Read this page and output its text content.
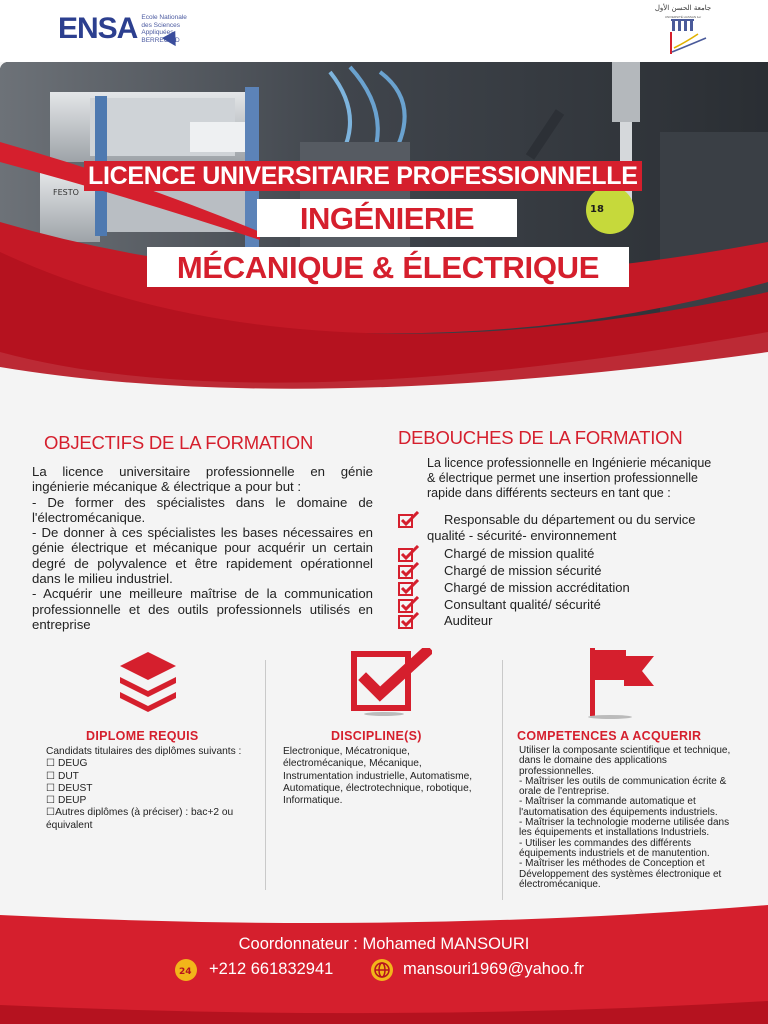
ENSA Ecole Nationale des Sciences Appliquées BERRECHID
جامعة الحسن الأول
UNIVERSITÉ HASSAN 1er
FESTO
18
LICENCE UNIVERSITAIRE PROFESSIONNELLE
INGÉNIERIE
MÉCANIQUE & ÉLECTRIQUE
OBJECTIFS DE LA FORMATION

La licence universitaire professionnelle en génie ingénierie mécanique & électrique a pour but :

- De former des spécialistes dans le domaine de l'électromécanique.

- De donner à ces spécialistes les bases nécessaires en génie électrique et mécanique pour acquérir un certain degré de polyvalence et être rapidement opérationnel dans le milieu industriel.

- Acquérir une meilleure maîtrise de la communication professionnelle et des outils professionnels utilisés en entreprise

DEBOUCHES DE LA FORMATION
La licence professionnelle en Ingénierie mécanique & électrique permet une insertion professionnelle rapide dans différents secteurs en tant que :
Responsable du département ou du service
qualité - sécurité- environnement
Chargé de mission qualité
Chargé de mission sécurité
Chargé de mission accréditation
Consultant qualité/ sécurité
Auditeur
DIPLOME REQUIS	DISCIPLINE(S)	COMPETENCES A ACQUERIR
Candidats titulaires des diplômes suivants :
☐ DEUG
☐ DUT
☐ DEUST
☐ DEUP
☐Autres diplômes (à préciser) : bac+2 ou équivalent
Electronique, Mécatronique, électromécanique, Mécanique, Instrumentation industrielle, Automatisme, Automatique, électrotechnique, robotique, Informatique.
Utiliser la composante scientifique et technique, dans le domaine des applications professionnelles.
- Maîtriser les outils de communication écrite & orale de l'entreprise.
- Maîtriser la commande automatique et l'automatisation des équipements industriels.
- Maîtriser la technologie moderne utilisée dans les équipements et installations Industriels.
- Utiliser les commandes des différents équipements industriels et de manutention.
- Maîtriser les méthodes de Conception et Développement des systèmes électronique et électromécanique.
Coordonnateur : Mohamed MANSOURI
24 +212 661832941	mansouri1969@yahoo.fr
